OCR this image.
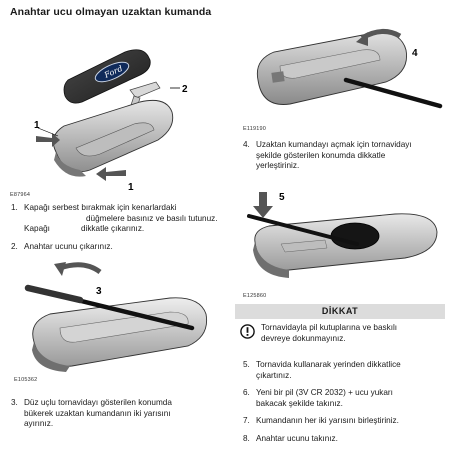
Anahtar ucu olmayan uzaktan kumanda
Ford
2
1
1
E87964
1. Kapağı serbest bırakmak için kenarlardaki
düğmelere basınız ve basılı tutunuz.
Kapağı	dikkatle çıkarınız.
2. Anahtar ucunu çıkarınız.
3
E105362
3. Düz uçlu tornavidayı gösterilen konumda
bükerek uzaktan kumandanın iki yarısını
ayırınız.
4
E119190
4. Uzaktan kumandayı açmak için tornavidayı
şekilde gösterilen konumda dikkatle
yerleştiriniz.
5
E125860
DİKKAT
Tornavidayla pil kutuplarına ve baskılı
devreye dokunmayınız.
5. Tornavida kullanarak yerinden dikkatlice
çıkartınız.
6. Yeni bir pil (3V CR 2032) + ucu yukarı
bakacak şekilde takınız.
7. Kumandanın her iki yarısını birleştiriniz.
8. Anahtar ucunu takınız.
